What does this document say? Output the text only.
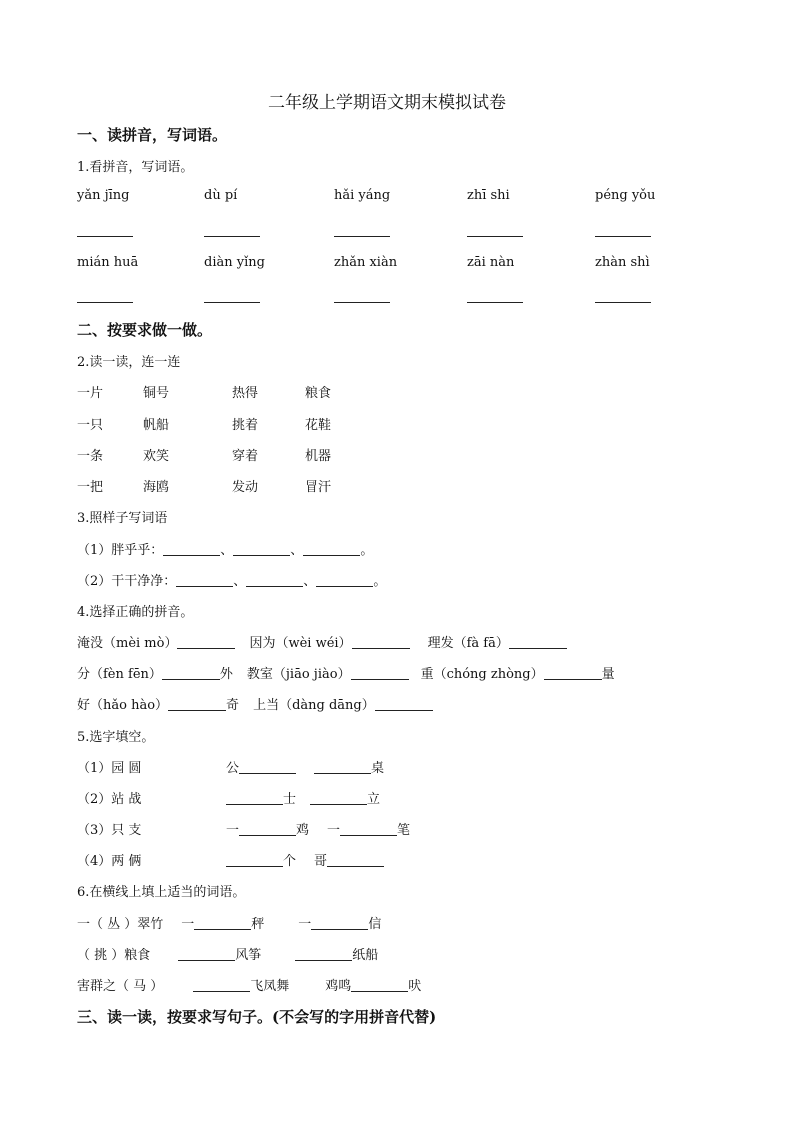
二年级上学期语文期末模拟试卷
一、读拼音，写词语。
1.看拼音，写词语。
yǎn jīng	dù pí	hǎi yáng	zhī shi	péng yǒu
mián huā	diàn yǐng	zhǎn xiàn	zāi nàn	zhàn shì
二、按要求做一做。
2.读一读，连一连
一片	铜号	热得	粮食
一只	帆船	挑着	花鞋
一条	欢笑	穿着	机器
一把	海鸥	发动	冒汗
3.照样子写词语
（1）胖乎乎：	、	、	。
（2）干干净净：	、	、	。
4.选择正确的拼音。
淹没（mèi mò）	因为（wèi wéi）	理发（fà fā）
分（fèn fēn）	外 教室（jiāo jiào）	重（chóng zhòng）	量
好（hǎo hào）	奇 上当（dàng dāng）
5.选字填空。
（1）园 圆	公	桌
（2）站 战	士	立
（3）只 支	一	鸡 一	笔
（4）两 俩	个 哥
6.在横线上填上适当的词语。
一（ 丛 ）翠竹 一	秤	一	信
（ 挑 ）粮食	风筝	纸船
害群之（ 马 ）	飞凤舞	鸡鸣	吠
三、读一读，按要求写句子。(不会写的字用拼音代替)
